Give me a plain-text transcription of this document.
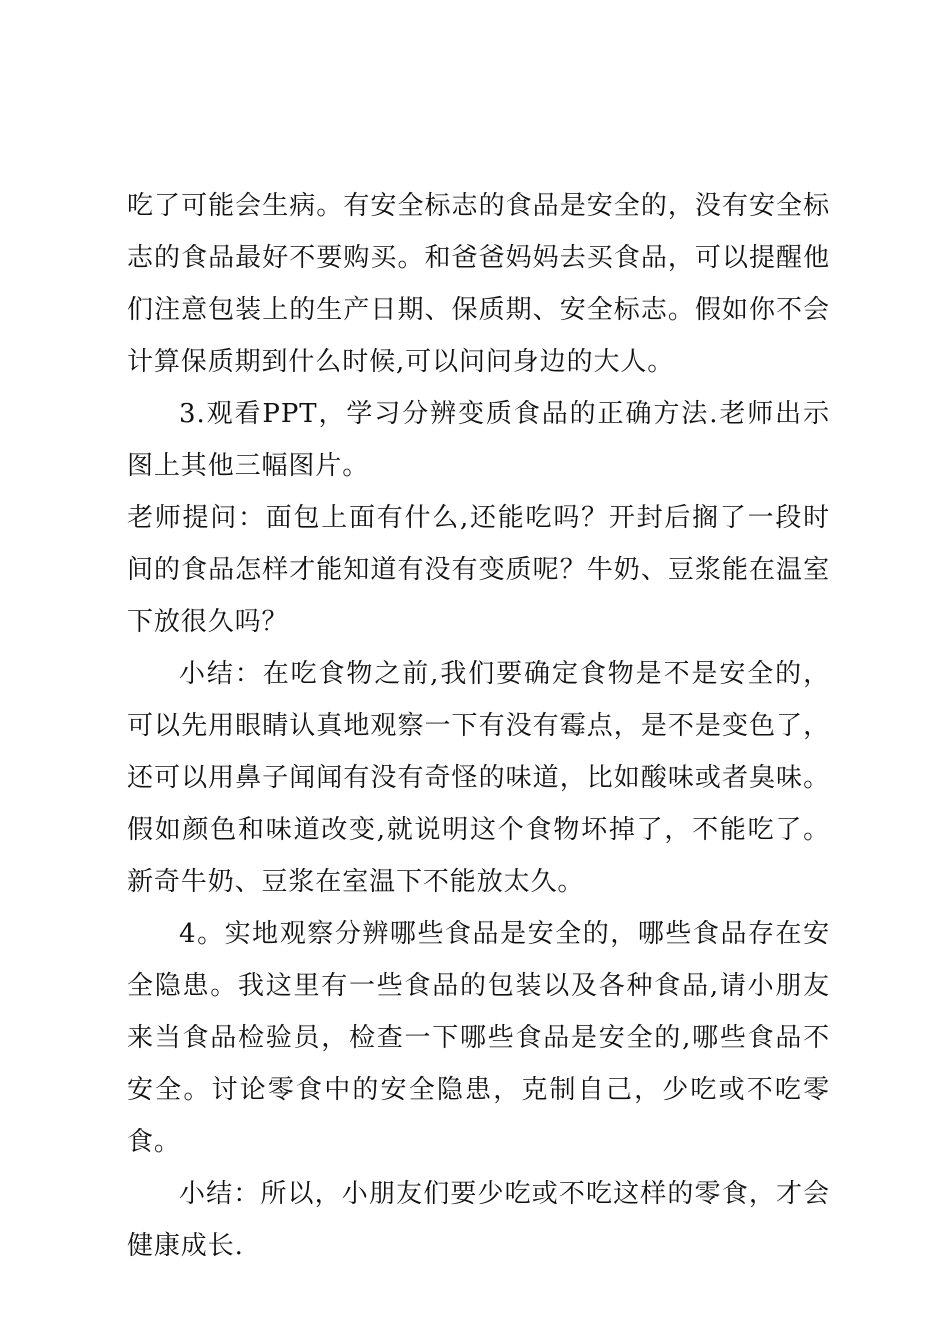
吃了可能会生病。有安全标志的食品是安全的，没有安全标志的食品最好不要购买。和爸爸妈妈去买食品，可以提醒他们注意包装上的生产日期、保质期、安全标志。假如你不会计算保质期到什么时候,可以问问身边的大人。

3.观看PPT，学习分辨变质食品的正确方法.老师出示图上其他三幅图片。

老师提问：面包上面有什么,还能吃吗？开封后搁了一段时间的食品怎样才能知道有没有变质呢？牛奶、豆浆能在温室下放很久吗？

小结：在吃食物之前,我们要确定食物是不是安全的，可以先用眼睛认真地观察一下有没有霉点，是不是变色了，还可以用鼻子闻闻有没有奇怪的味道，比如酸味或者臭味。假如颜色和味道改变,就说明这个食物坏掉了，不能吃了。新奇牛奶、豆浆在室温下不能放太久。

4。实地观察分辨哪些食品是安全的，哪些食品存在安全隐患。我这里有一些食品的包装以及各种食品,请小朋友来当食品检验员，检查一下哪些食品是安全的,哪些食品不安全。讨论零食中的安全隐患，克制自己，少吃或不吃零食。

小结：所以，小朋友们要少吃或不吃这样的零食，才会健康成长.
